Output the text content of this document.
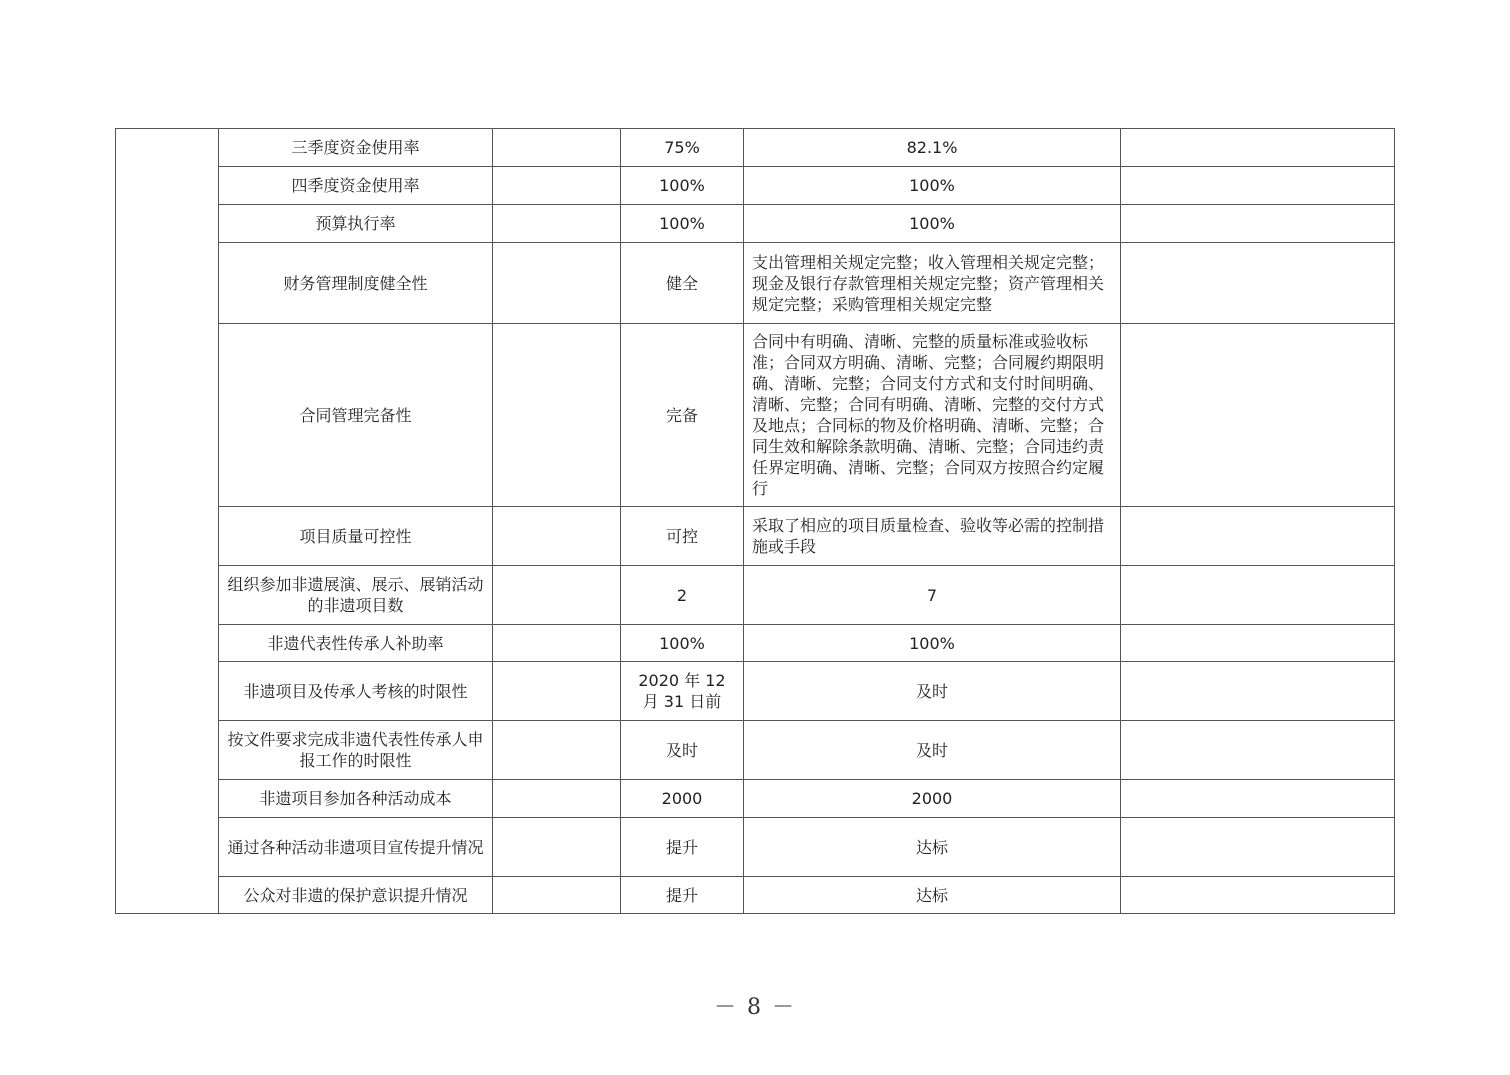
	三季度资金使用率		75%	82.1%	
	四季度资金使用率		100%	100%	
	预算执行率		100%	100%	
	财务管理制度健全性		健全	支出管理相关规定完整；收入管理相关规定完整；现金及银行存款管理相关规定完整；资产管理相关规定完整；采购管理相关规定完整	
	合同管理完备性		完备	合同中有明确、清晰、完整的质量标准或验收标准；合同双方明确、清晰、完整；合同履约期限明确、清晰、完整；合同支付方式和支付时间明确、清晰、完整；合同有明确、清晰、完整的交付方式及地点；合同标的物及价格明确、清晰、完整；合同生效和解除条款明确、清晰、完整；合同违约责任界定明确、清晰、完整；合同双方按照合约定履行	
	项目质量可控性		可控	采取了相应的项目质量检查、验收等必需的控制措施或手段	
	组织参加非遗展演、展示、展销活动的非遗项目数		2	7	
	非遗代表性传承人补助率		100%	100%	
	非遗项目及传承人考核的时限性		2020 年 12 月 31 日前	及时	
	按文件要求完成非遗代表性传承人申报工作的时限性		及时	及时	
	非遗项目参加各种活动成本		2000	2000	
	通过各种活动非遗项目宣传提升情况		提升	达标	
	公众对非遗的保护意识提升情况		提升	达标	
－ 8 －
